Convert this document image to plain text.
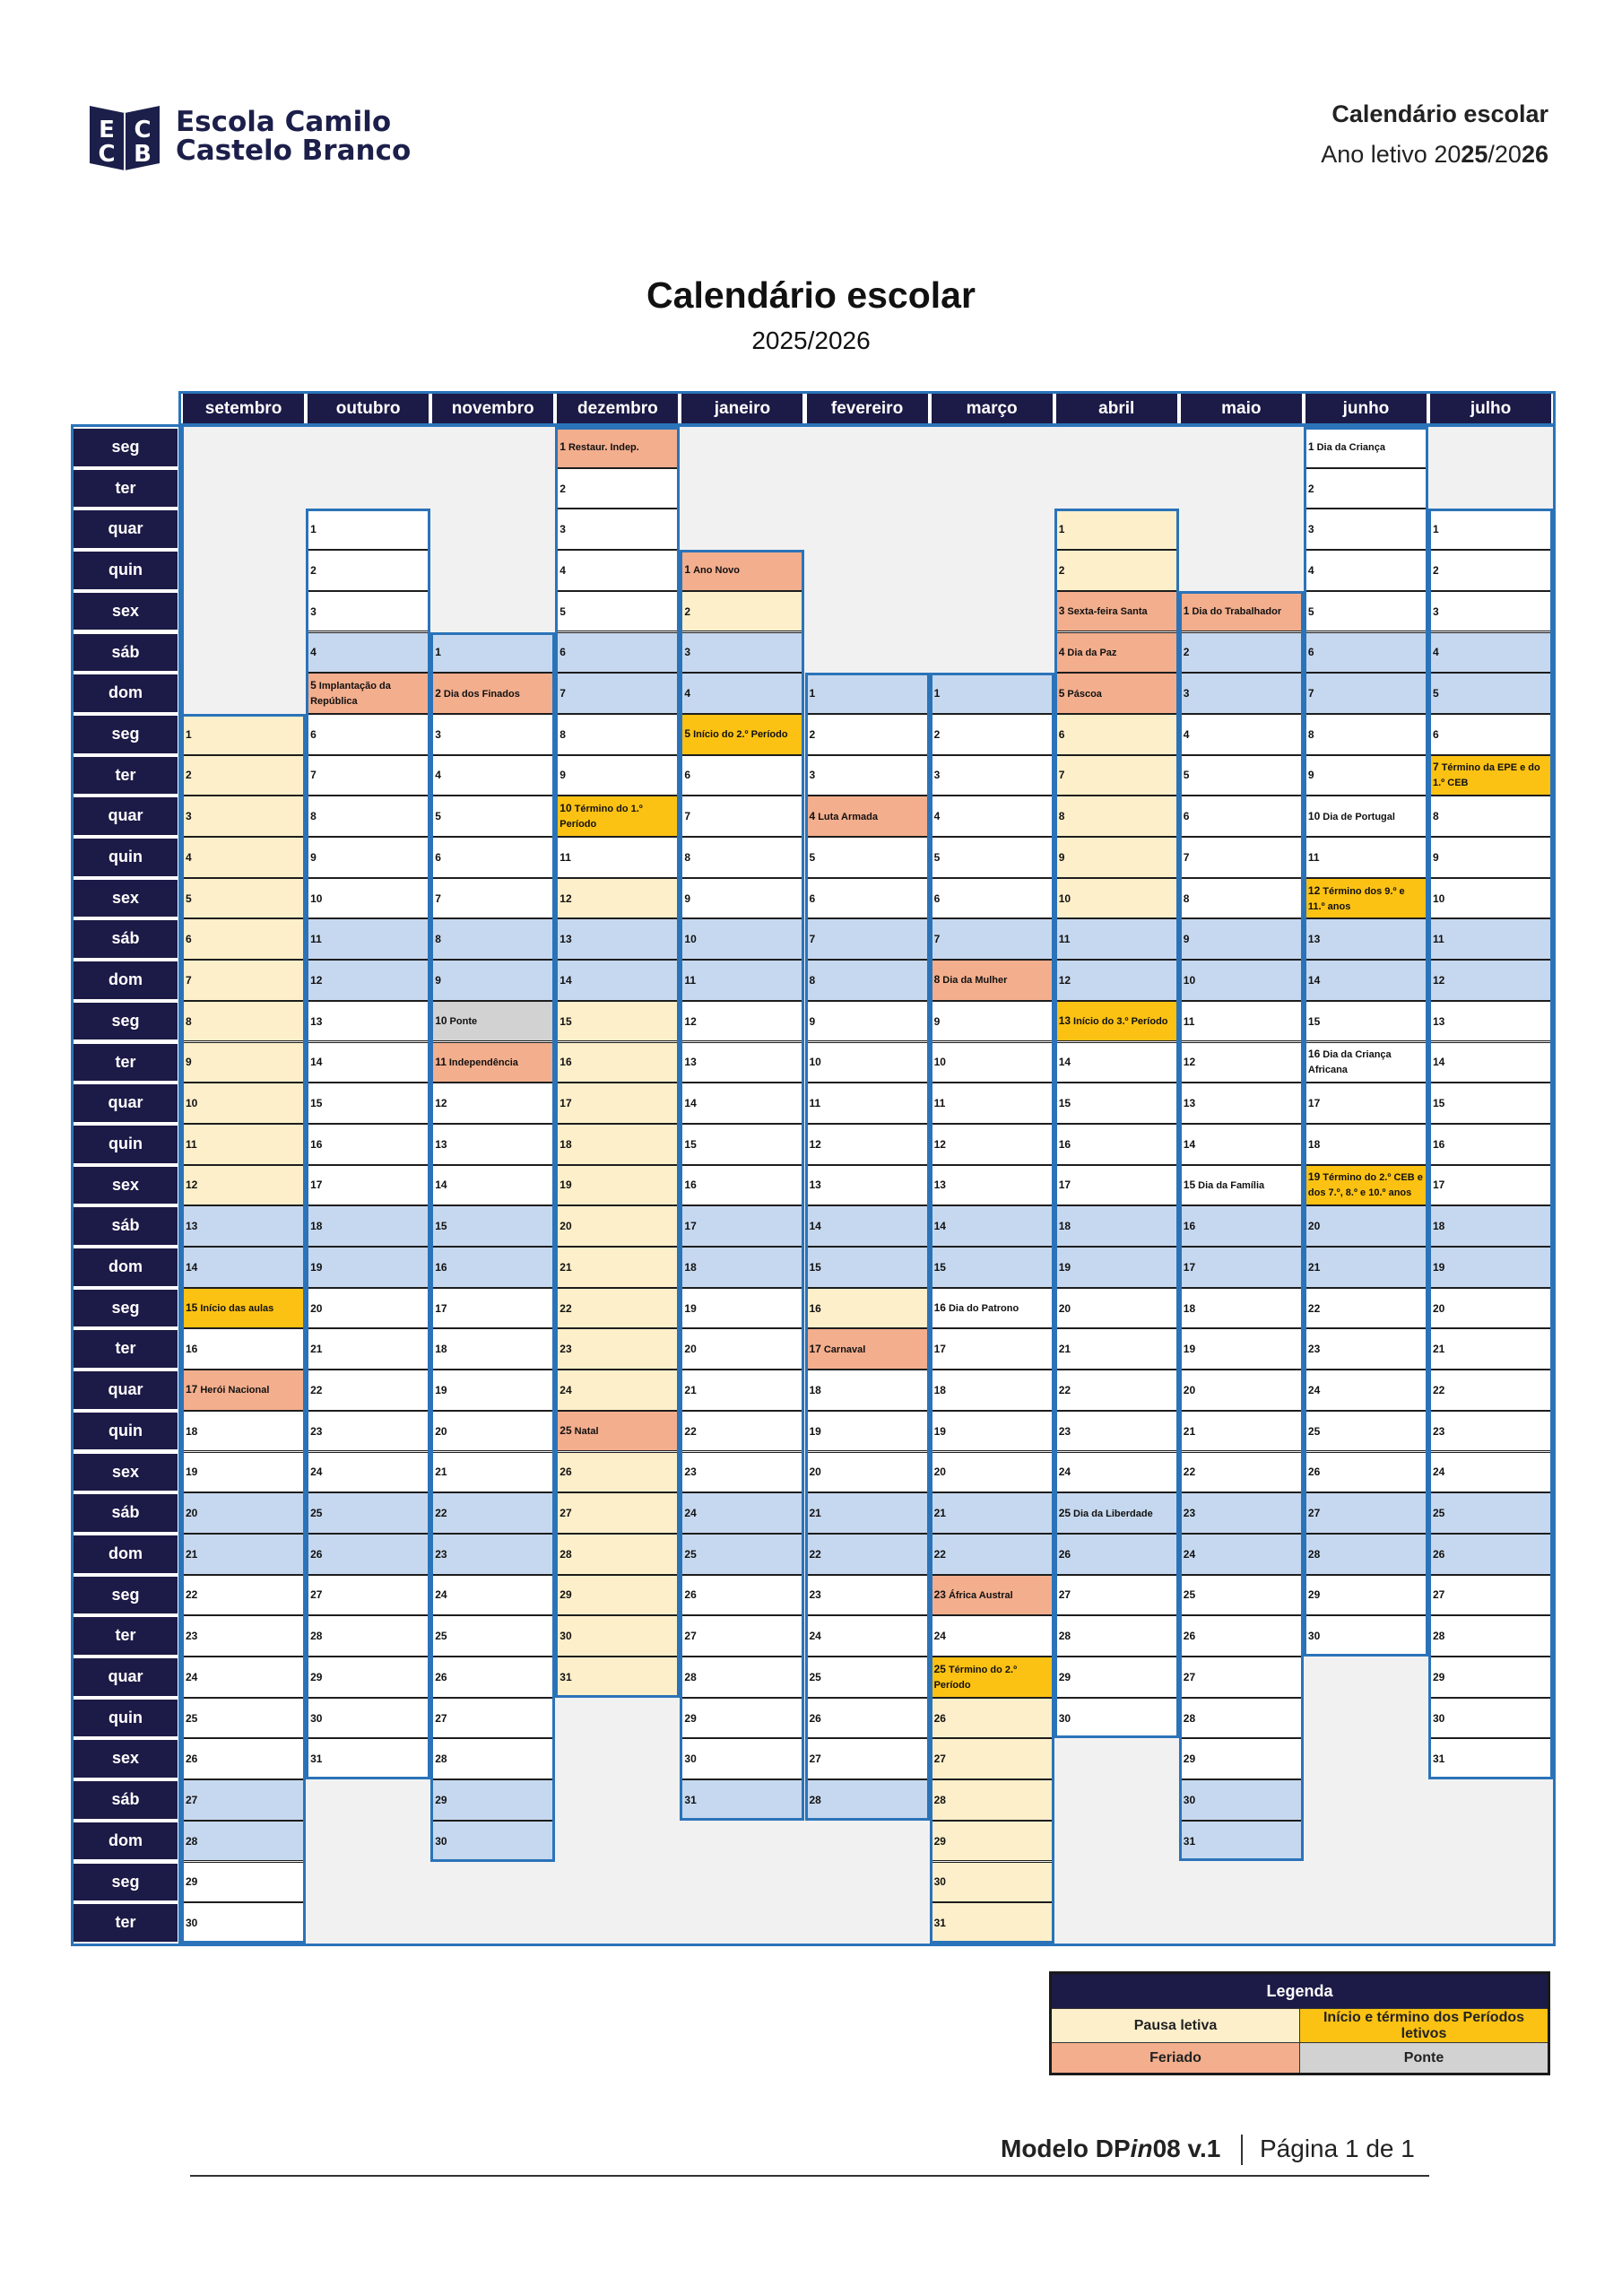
E C
C B
Escola Camilo
Castelo Branco
Calendário escolar
Ano letivo 2025/2026
Calendário escolar
2025/2026
seg
ter
quar
quin
sex
sáb
dom
seg
ter
quar
quin
sex
sáb
dom
seg
ter
quar
quin
sex
sáb
dom
seg
ter
quar
quin
sex
sáb
dom
seg
ter
quar
quin
sex
sáb
dom
seg
ter
setembro
1
2
3
4
5
6
7
8
9
10
11
12
13
14
15 Início das aulas
16
17 Herói Nacional
18
19
20
21
22
23
24
25
26
27
28
29
30
outubro
1
2
3
4
5 Implantação da República
6
7
8
9
10
11
12
13
14
15
16
17
18
19
20
21
22
23
24
25
26
27
28
29
30
31
novembro
1
2 Dia dos Finados
3
4
5
6
7
8
9
10 Ponte
11 Independência
12
13
14
15
16
17
18
19
20
21
22
23
24
25
26
27
28
29
30
dezembro
1 Restaur. Indep.
2
3
4
5
6
7
8
9
10 Término do 1.º Período
11
12
13
14
15
16
17
18
19
20
21
22
23
24
25 Natal
26
27
28
29
30
31
janeiro
1 Ano Novo
2
3
4
5 Início do 2.º Período
6
7
8
9
10
11
12
13
14
15
16
17
18
19
20
21
22
23
24
25
26
27
28
29
30
31
fevereiro
1
2
3
4 Luta Armada
5
6
7
8
9
10
11
12
13
14
15
16
17 Carnaval
18
19
20
21
22
23
24
25
26
27
28
março
1
2
3
4
5
6
7
8 Dia da Mulher
9
10
11
12
13
14
15
16 Dia do Patrono
17
18
19
20
21
22
23 África Austral
24
25 Término do 2.º Período
26
27
28
29
30
31
abril
1
2
3 Sexta-feira Santa
4 Dia da Paz
5 Páscoa
6
7
8
9
10
11
12
13 Início do 3.º Período
14
15
16
17
18
19
20
21
22
23
24
25 Dia da Liberdade
26
27
28
29
30
maio
1 Dia do Trabalhador
2
3
4
5
6
7
8
9
10
11
12
13
14
15 Dia da Família
16
17
18
19
20
21
22
23
24
25
26
27
28
29
30
31
junho
1 Dia da Criança
2
3
4
5
6
7
8
9
10 Dia de Portugal
11
12 Término dos 9.º e 11.º anos
13
14
15
16 Dia da Criança Africana
17
18
19 Término do 2.º CEB e dos 7.º, 8.º e 10.º anos
20
21
22
23
24
25
26
27
28
29
30
julho
1
2
3
4
5
6
7 Término da EPE e do 1.º CEB
8
9
10
11
12
13
14
15
16
17
18
19
20
21
22
23
24
25
26
27
28
29
30
31
Legenda
Pausa letiva
Início e término dos Períodos letivos
Feriado	Ponte
Modelo DPin08 v.1 Página 1 de 1
